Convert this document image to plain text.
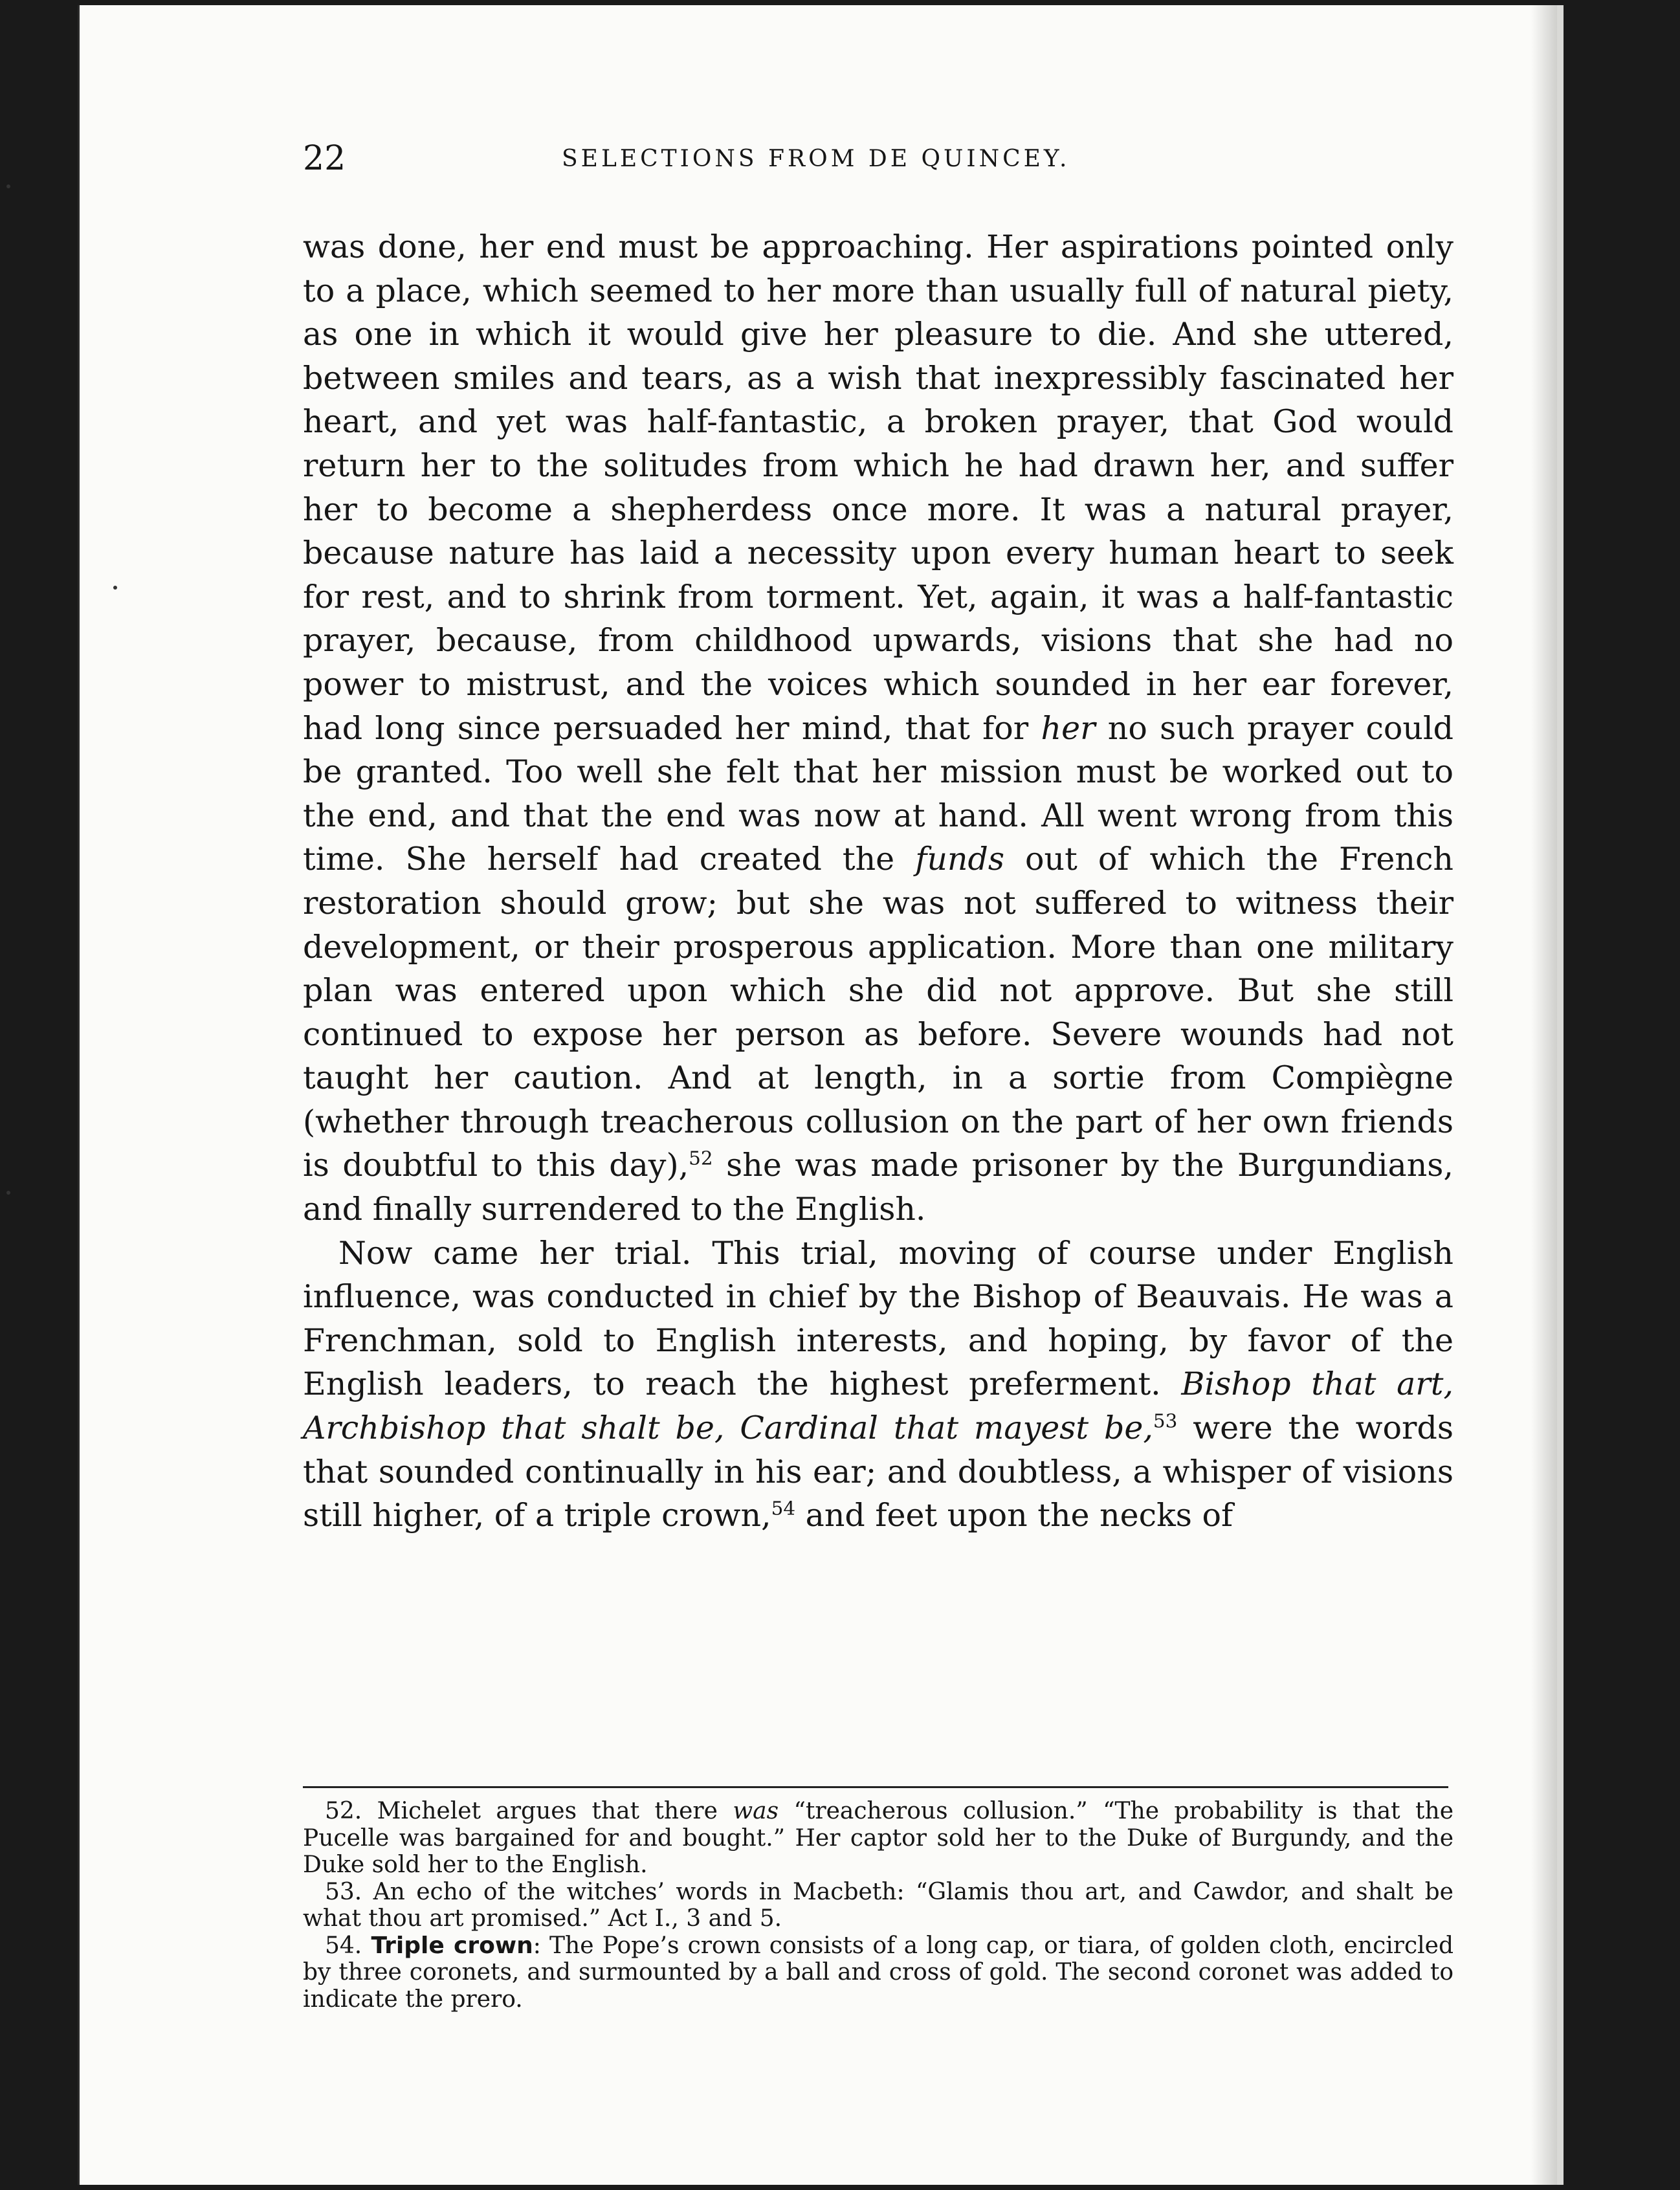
22	SELECTIONS FROM DE QUINCEY.

was done, her end must be approaching. Her aspirations pointed only to a place, which seemed to her more than usually full of natural piety, as one in which it would give her pleasure to die. And she uttered, between smiles and tears, as a wish that inexpressibly fascinated her heart, and yet was half-fantastic, a broken prayer, that God would return her to the solitudes from which he had drawn her, and suffer her to become a shepherdess once more. It was a natural prayer, because nature has laid a necessity upon every human heart to seek for rest, and to shrink from torment. Yet, again, it was a half-fantastic prayer, because, from childhood upwards, visions that she had no power to mistrust, and the voices which sounded in her ear forever, had long since persuaded her mind, that for her no such prayer could be granted. Too well she felt that her mission must be worked out to the end, and that the end was now at hand. All went wrong from this time. She herself had created the funds out of which the French restoration should grow; but she was not suffered to witness their development, or their prosperous application. More than one military plan was entered upon which she did not approve. But she still continued to expose her person as before. Severe wounds had not taught her caution. And at length, in a sortie from Compiègne (whether through treacherous collusion on the part of her own friends is doubtful to this day),$^{52}$ she was made prisoner by the Burgundians, and finally surrendered to the English.

Now came her trial. This trial, moving of course under English influence, was conducted in chief by the Bishop of Beauvais. He was a Frenchman, sold to English interests, and hoping, by favor of the English leaders, to reach the highest preferment. Bishop that art, Archbishop that shalt be, Cardinal that mayest be,$^{53}$ were the words that sounded continually in his ear; and doubtless, a whisper of visions still higher, of a triple crown,$^{54}$ and feet upon the necks of

52. Michelet argues that there was “treacherous collusion.” “The probability is that the Pucelle was bargained for and bought.” Her captor sold her to the Duke of Burgundy, and the Duke sold her to the English.

53. An echo of the witches’ words in Macbeth: “Glamis thou art, and Cawdor, and shalt be what thou art promised.” Act I., 3 and 5.

54. Triple crown: The Pope’s crown consists of a long cap, or tiara, of golden cloth, encircled by three coronets, and surmounted by a ball and cross of gold. The second coronet was added to indicate the prero.
